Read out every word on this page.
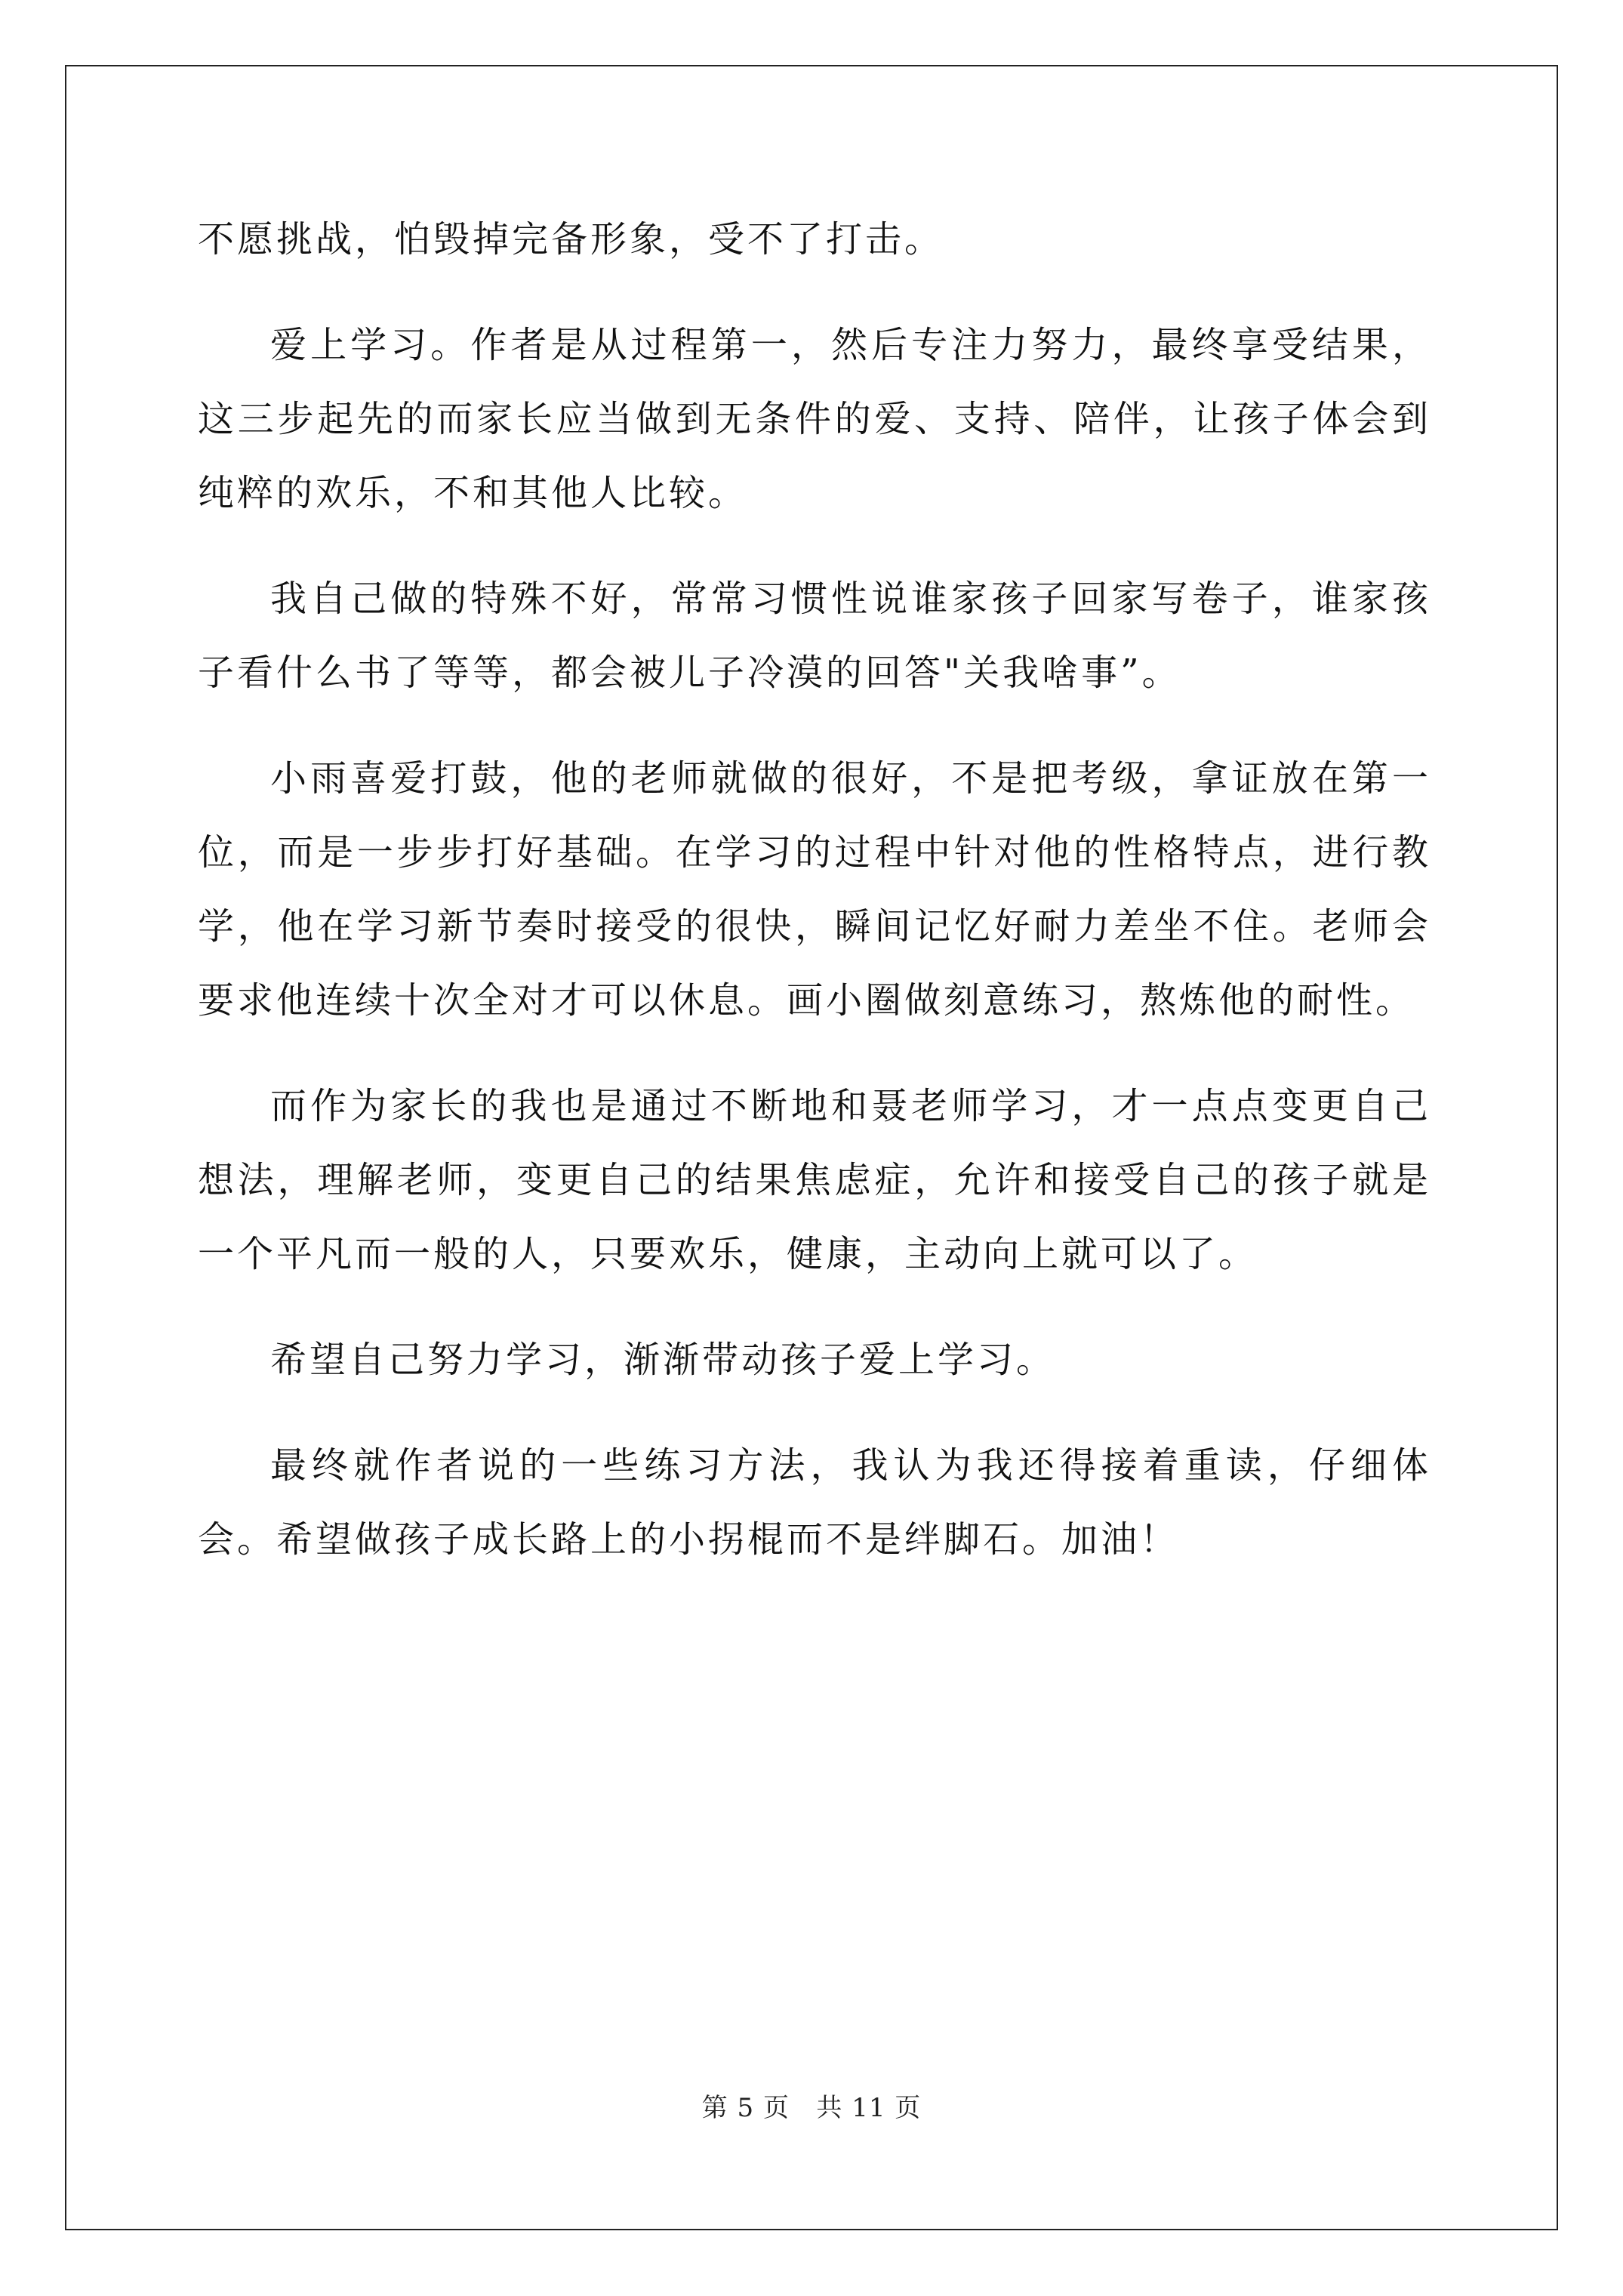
不愿挑战，怕毁掉完备形象，受不了打击。

爱上学习。作者是从过程第一，然后专注力努力，最终享受结果，这三步起先的而家长应当做到无条件的爱、支持、陪伴，让孩子体会到纯粹的欢乐，不和其他人比较。

我自己做的特殊不好，常常习惯性说谁家孩子回家写卷子，谁家孩子看什么书了等等，都会被儿子冷漠的回答"关我啥事”。

小雨喜爱打鼓，他的老师就做的很好，不是把考级，拿证放在第一位，而是一步步打好基础。在学习的过程中针对他的性格特点，进行教学，他在学习新节奏时接受的很快，瞬间记忆好耐力差坐不住。老师会要求他连续十次全对才可以休息。画小圈做刻意练习，熬炼他的耐性。

而作为家长的我也是通过不断地和聂老师学习，才一点点变更自己想法，理解老师，变更自己的结果焦虑症，允许和接受自己的孩子就是一个平凡而一般的人，只要欢乐，健康，主动向上就可以了。

希望自己努力学习，渐渐带动孩子爱上学习。

最终就作者说的一些练习方法，我认为我还得接着重读，仔细体会。希望做孩子成长路上的小拐棍而不是绊脚石。加油！

第 5 页 共 11 页
